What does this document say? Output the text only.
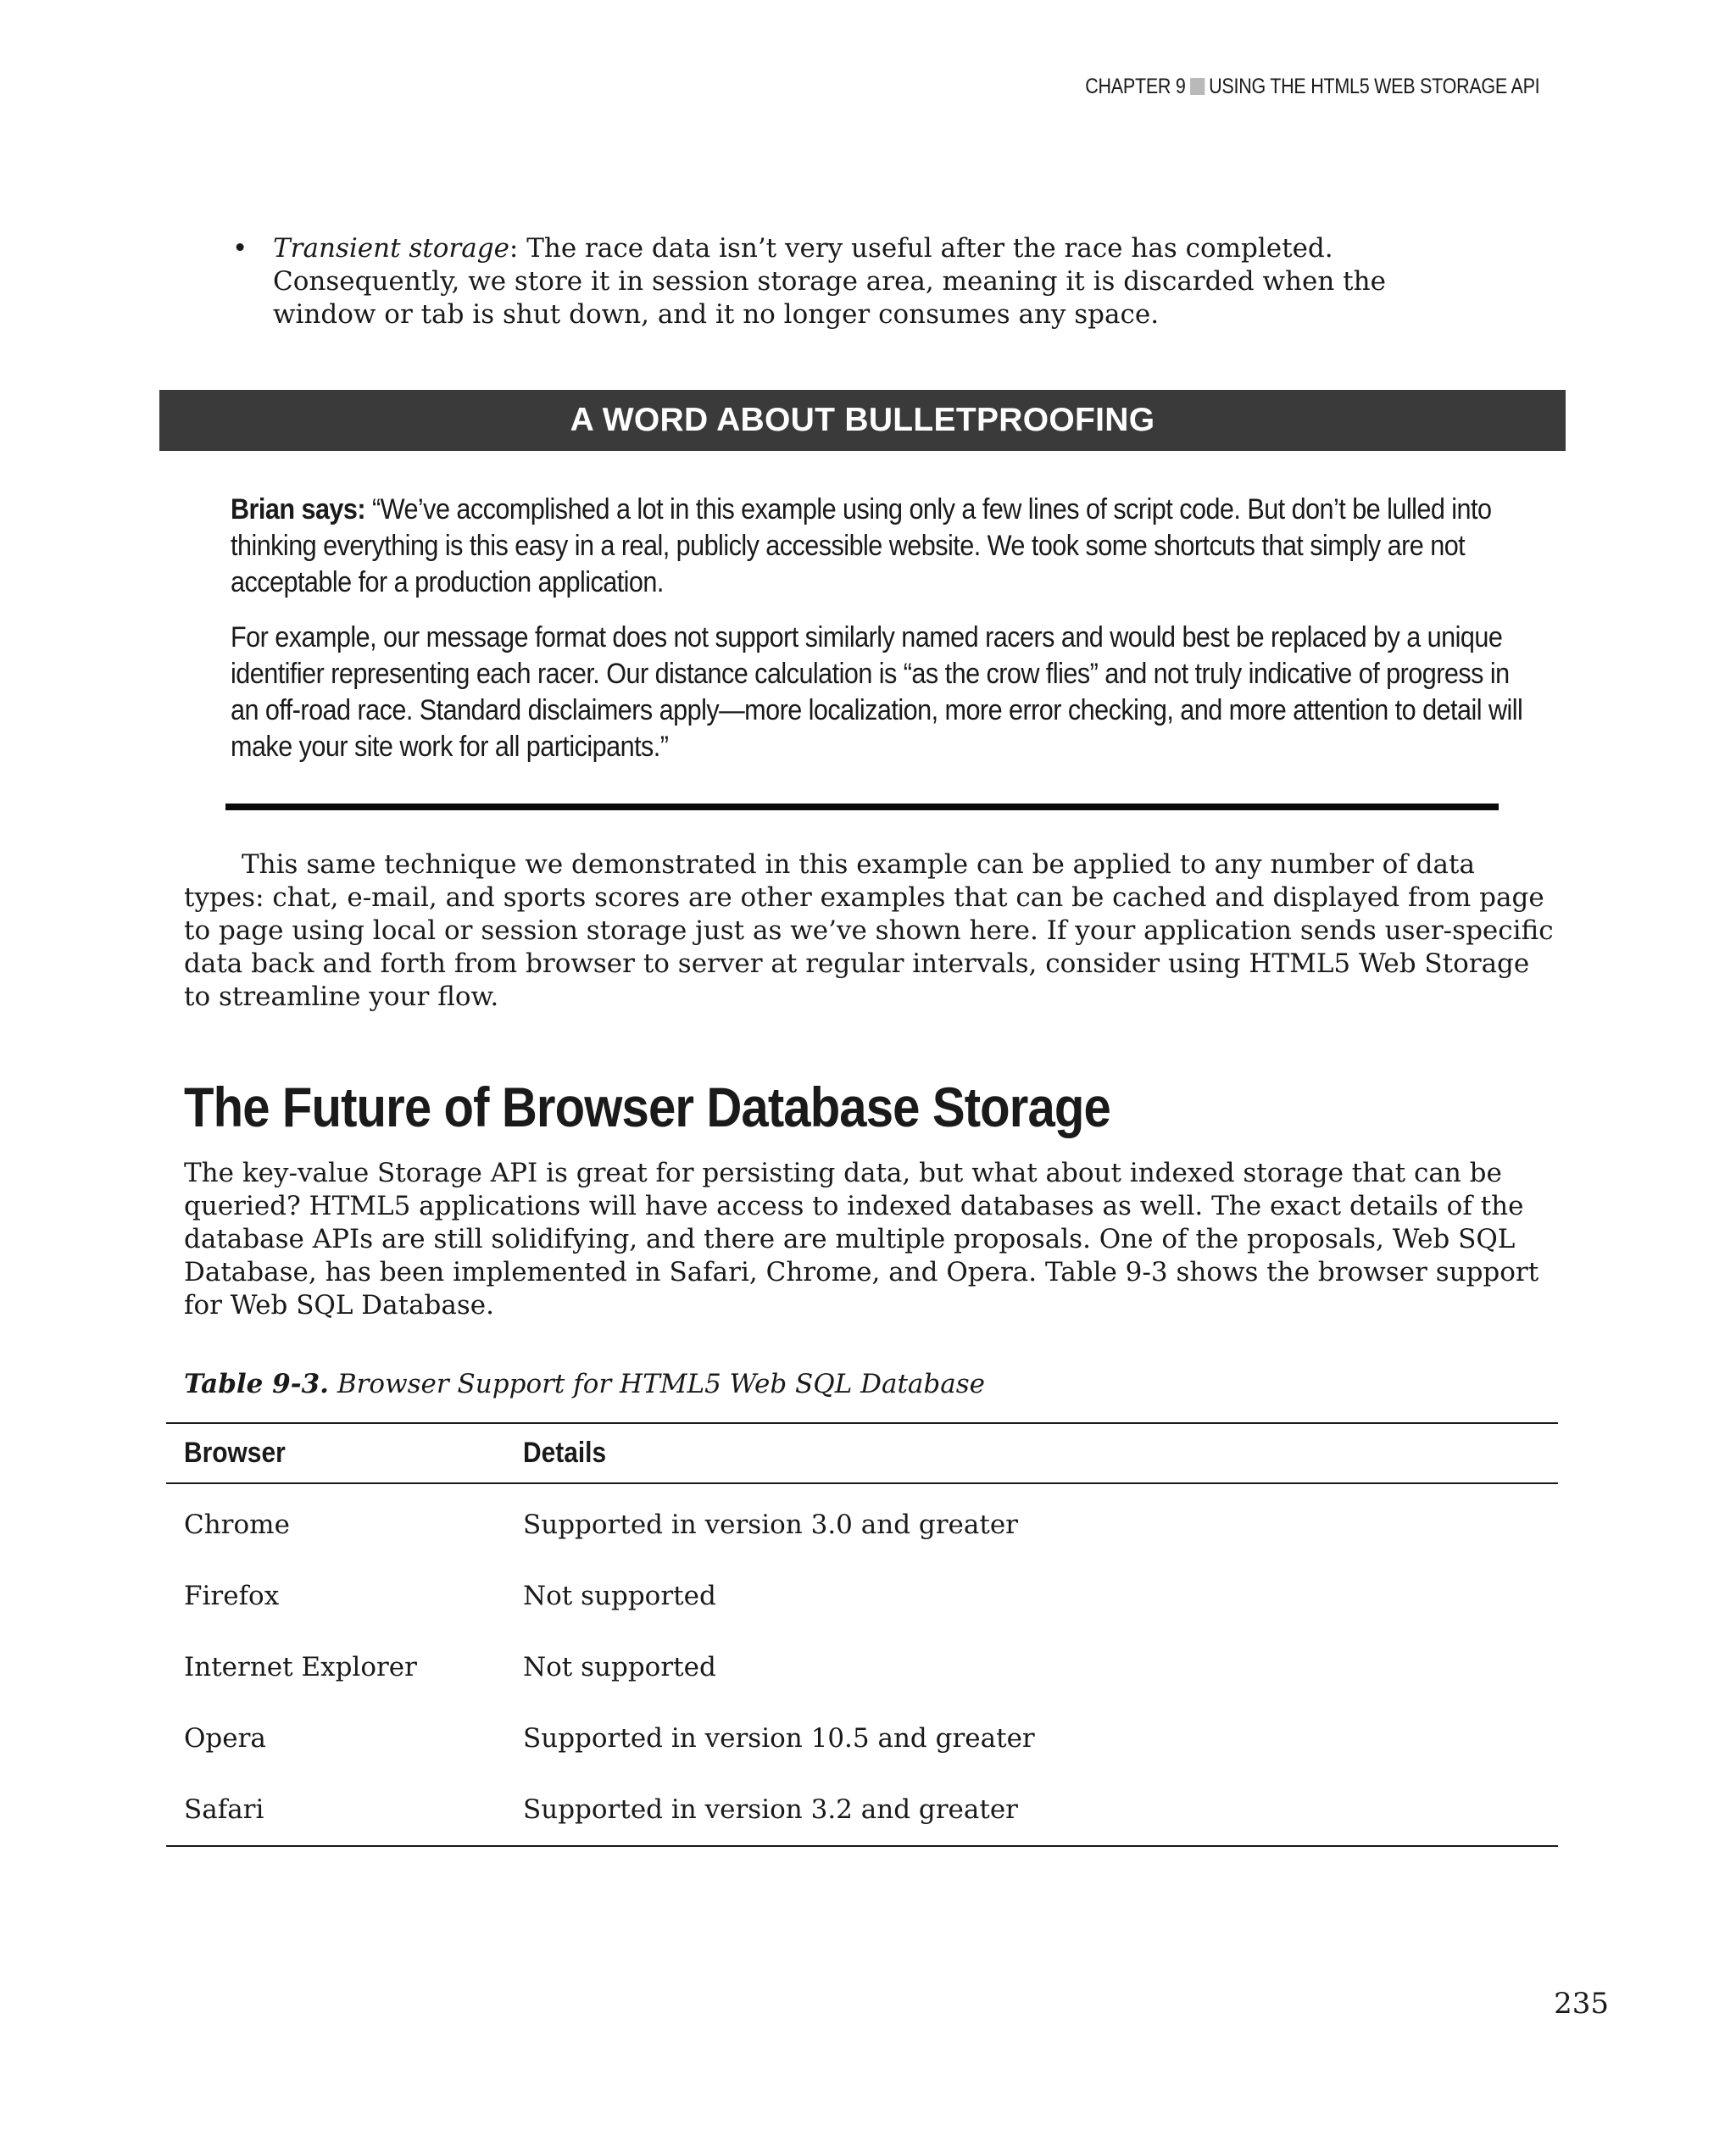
CHAPTER 9 USING THE HTML5 WEB STORAGE API
• Transient storage: The race data isn’t very useful after the race has completed. Consequently, we store it in session storage area, meaning it is discarded when the window or tab is shut down, and it no longer consumes any space.
A WORD ABOUT BULLETPROOFING
Brian says: “We’ve accomplished a lot in this example using only a few lines of script code. But don’t be lulled into thinking everything is this easy in a real, publicly accessible website. We took some shortcuts that simply are not acceptable for a production application.
For example, our message format does not support similarly named racers and would best be replaced by a unique identifier representing each racer. Our distance calculation is “as the crow flies” and not truly indicative of progress in an off-road race. Standard disclaimers apply—more localization, more error checking, and more attention to detail will make your site work for all participants.”
This same technique we demonstrated in this example can be applied to any number of data types: chat, e-mail, and sports scores are other examples that can be cached and displayed from page to page using local or session storage just as we’ve shown here. If your application sends user-specific data back and forth from browser to server at regular intervals, consider using HTML5 Web Storage to streamline your flow.
The Future of Browser Database Storage
The key-value Storage API is great for persisting data, but what about indexed storage that can be queried? HTML5 applications will have access to indexed databases as well. The exact details of the database APIs are still solidifying, and there are multiple proposals. One of the proposals, Web SQL Database, has been implemented in Safari, Chrome, and Opera. Table 9-3 shows the browser support for Web SQL Database.
Table 9-3. Browser Support for HTML5 Web SQL Database
Browser	Details
Chrome	Supported in version 3.0 and greater
Firefox	Not supported
Internet Explorer	Not supported
Opera	Supported in version 10.5 and greater
Safari	Supported in version 3.2 and greater
235
